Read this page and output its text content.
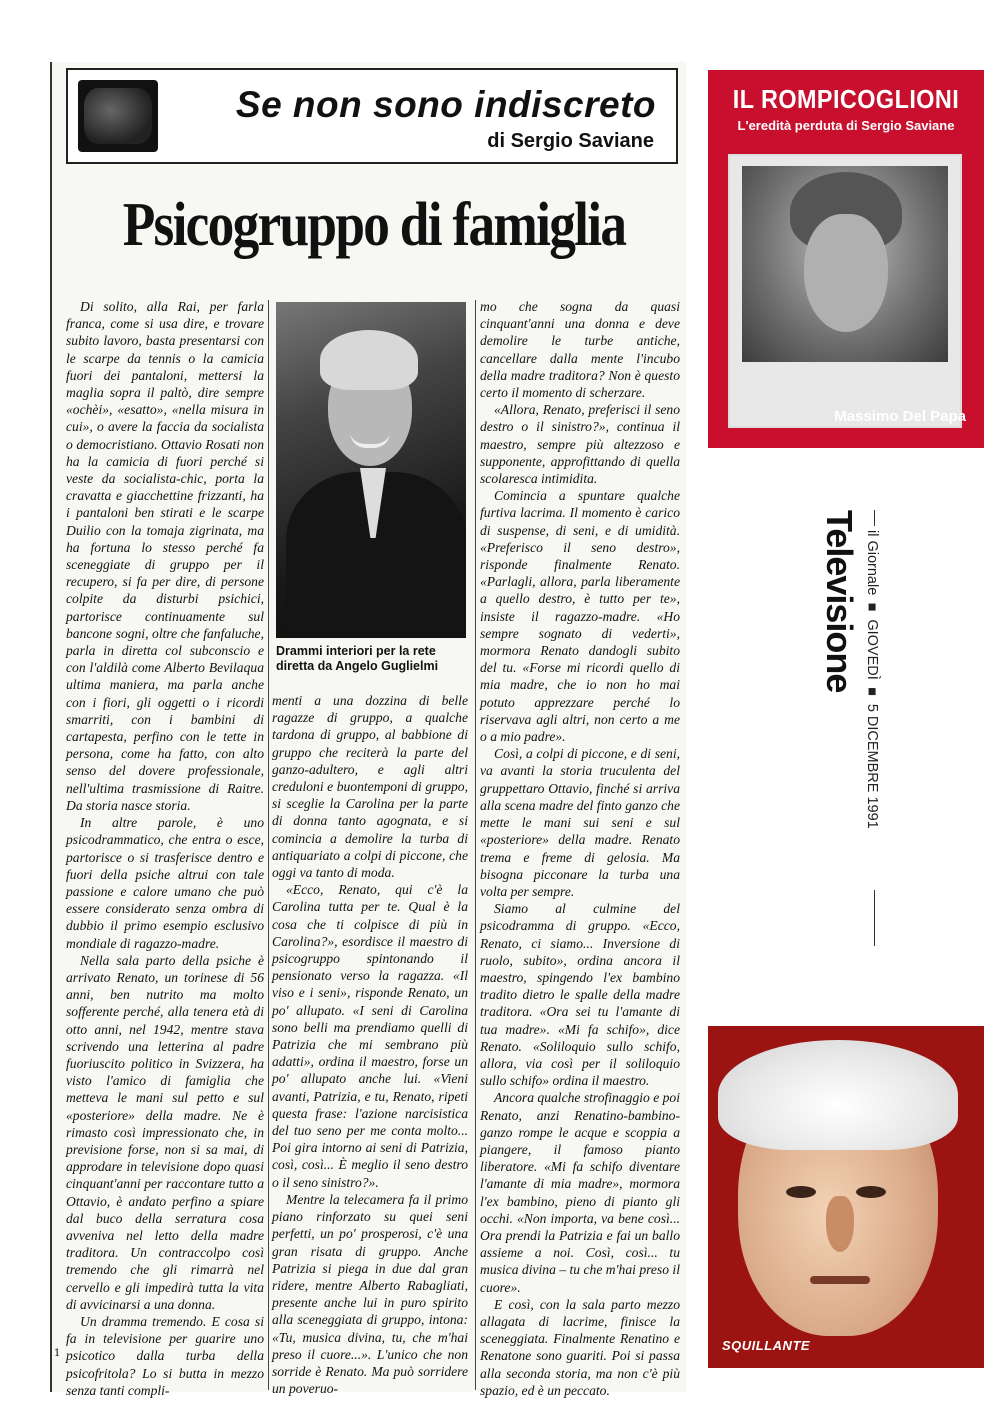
Se non sono indiscreto
di Sergio Saviane
Psicogruppo di famiglia

Di solito, alla Rai, per farla franca, come si usa dire, e trovare subito lavoro, basta presentarsi con le scarpe da tennis o la camicia fuori dei pantaloni, mettersi la maglia sopra il paltò, dire sempre «ochèi», «esatto», «nella misura in cui», o avere la faccia da socialista o democristiano. Ottavio Rosati non ha la camicia di fuori perché si veste da socialista-chic, porta la cravatta e giacchettine frizzanti, ha i pantaloni ben stirati e le scarpe Duilio con la tomaja zigrinata, ma ha fortuna lo stesso perché fa sceneggiate di gruppo per il recupero, si fa per dire, di persone colpite da disturbi psichici, partorisce continuamente sul bancone sogni, oltre che fanfaluche, parla in diretta col subconscio e con l'aldilà come Alberto Bevilaqua ultima maniera, ma parla anche con i fiori, gli oggetti o i ricordi smarriti, con i bambini di cartapesta, perfino con le tette in persona, come ha fatto, con alto senso del dovere professionale, nell'ultima trasmissione di Raitre. Da storia nasce storia.

In altre parole, è uno psicodrammatico, che entra o esce, partorisce o si trasferisce dentro e fuori della psiche altrui con tale passione e calore umano che può essere considerato senza ombra di dubbio il primo esempio esclusivo mondiale di ragazzo-madre.

Nella sala parto della psiche è arrivato Renato, un torinese di 56 anni, ben nutrito ma molto sofferente perché, alla tenera età di otto anni, nel 1942, mentre stava scrivendo una letterina al padre fuoriuscito politico in Svizzera, ha visto l'amico di famiglia che metteva le mani sul petto e sul «posteriore» della madre. Ne è rimasto così impressionato che, in previsione forse, non si sa mai, di approdare in televisione dopo quasi cinquant'anni per raccontare tutto a Ottavio, è andato perfino a spiare dal buco della serratura cosa avveniva nel letto della madre traditora. Un contraccolpo così tremendo che gli rimarrà nel cervello e gli impedirà tutta la vita di avvicinarsi a una donna.

Un dramma tremendo. E cosa si fa in televisione per guarire uno psicotico dalla turba della psicofritola? Lo si butta in mezzo senza tanti compli-

Drammi interiori per la rete diretta da Angelo Guglielmi

menti a una dozzina di belle ragazze di gruppo, a qualche tardona di gruppo, al babbione di gruppo che reciterà la parte del ganzo-adultero, e agli altri creduloni e buontemponi di gruppo, si sceglie la Carolina per la parte di donna tanto agognata, e si comincia a demolire la turba di antiquariato a colpi di piccone, che oggi va tanto di moda.

«Ecco, Renato, qui c'è la Carolina tutta per te. Qual è la cosa che ti colpisce di più in Carolina?», esordisce il maestro di psicogruppo spintonando il pensionato verso la ragazza. «Il viso e i seni», risponde Renato, un po' allupato. «I seni di Carolina sono belli ma prendiamo quelli di Patrizia che mi sembrano più adatti», ordina il maestro, forse un po' allupato anche lui. «Vieni avanti, Patrizia, e tu, Renato, ripeti questa frase: l'azione narcisistica del tuo seno per me conta molto... Poi gira intorno ai seni di Patrizia, così, così... È meglio il seno destro o il seno sinistro?».

Mentre la telecamera fa il primo piano rinforzato su quei seni perfetti, un po' prosperosi, c'è una gran risata di gruppo. Anche Patrizia si piega in due dal gran ridere, mentre Alberto Rabagliati, presente anche lui in puro spirito alla sceneggiata di gruppo, intona: «Tu, musica divina, tu, che m'hai preso il cuore...». L'unico che non sorride è Renato. Ma può sorridere un poveruo-

mo che sogna da quasi cinquant'anni una donna e deve demolire le turbe antiche, cancellare dalla mente l'incubo della madre traditora? Non è questo certo il momento di scherzare.

«Allora, Renato, preferisci il seno destro o il sinistro?», continua il maestro, sempre più altezzoso e supponente, approfittando di quella scolaresca intimidita.

Comincia a spuntare qualche furtiva lacrima. Il momento è carico di suspense, di seni, e di umidità. «Preferisco il seno destro», risponde finalmente Renato. «Parlagli, allora, parla liberamente a quello destro, è tutto per te», insiste il ragazzo-madre. «Ho sempre sognato di vederti», mormora Renato dandogli subito del tu. «Forse mi ricordi quello di mia madre, che io non ho mai potuto apprezzare perché lo riservava agli altri, non certo a me o a mio padre».

Così, a colpi di piccone, e di seni, va avanti la storia truculenta del gruppettaro Ottavio, finché si arriva alla scena madre del finto ganzo che mette le mani sui seni e sul «posteriore» della madre. Renato trema e freme di gelosia. Ma bisogna picconare la turba una volta per sempre.

Siamo al culmine del psicodramma di gruppo. «Ecco, Renato, ci siamo... Inversione di ruolo, subito», ordina ancora il maestro, spingendo l'ex bambino tradito dietro le spalle della madre traditora. «Ora sei tu l'amante di tua madre». «Mi fa schifo», dice Renato. «Soliloquio sullo schifo, allora, via così per il soliloquio sullo schifo» ordina il maestro.

Ancora qualche strofinaggio e poi Renato, anzi Renatino-bambino-ganzo rompe le acque e scoppia a piangere, il famoso pianto liberatore. «Mi fa schifo diventare l'amante di mia madre», mormora l'ex bambino, pieno di pianto gli occhi. «Non importa, va bene così... Ora prendi la Patrizia e fai un ballo assieme a noi. Così, così... tu musica divina – tu che m'hai preso il cuore».

E così, con la sala parto mezzo allagata di lacrime, finisce la sceneggiata. Finalmente Renatino e Renatone sono guariti. Poi si passa alla seconda storia, ma non c'è più spazio, ed è un peccato.

1
IL ROMPICOGLIONI
L'eredità perduta di Sergio Saviane
Massimo Del Papa
Televisione il Giornale ■ GIOVEDÌ ■ 5 DICEMBRE 1991
SQUILLANTE
